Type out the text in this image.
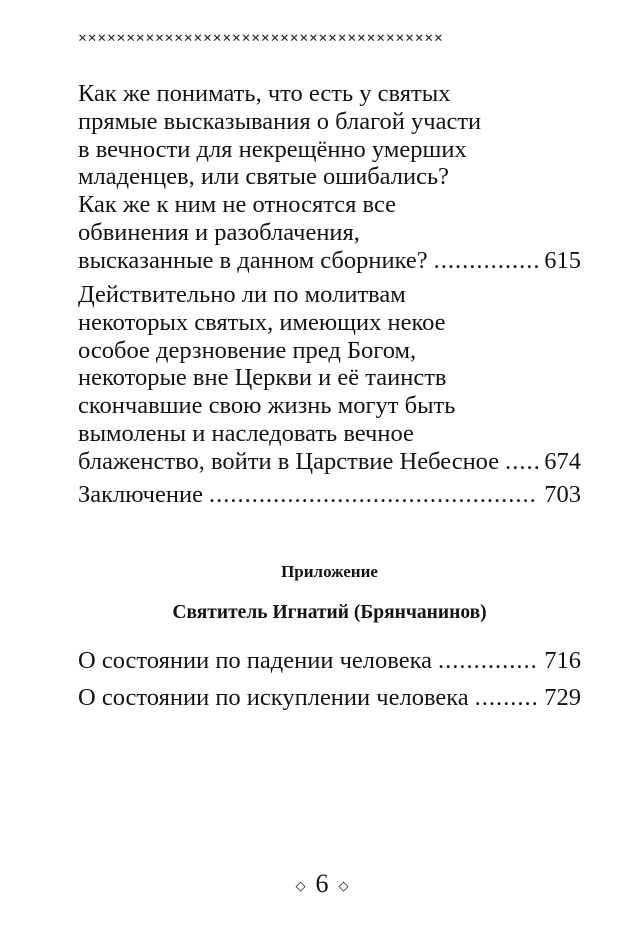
××××××××××××××××××××××××××××××××××××××
Как же понимать, что есть у святых
прямые высказывания о благой участи
в вечности для некрещённо умерших
младенцев, или святые ошибались?
Как же к ним не относятся все
обвинения и разоблачения,
высказанные в данном сборнике? .....	615
Действительно ли по молитвам
некоторых святых, имеющих некое
особое дерзновение пред Богом,
некоторые вне Церкви и её таинств
скончавшие свою жизнь могут быть
вымолены и наследовать вечное
блаженство, войти в Царствие Небесное ..... 674
Заключение .....	703
Приложение
Святитель Игнатий (Брянчанинов)
О состоянии по падении человека .....	716
О состоянии по искуплении человека .....	729
◇ 6 ◇
